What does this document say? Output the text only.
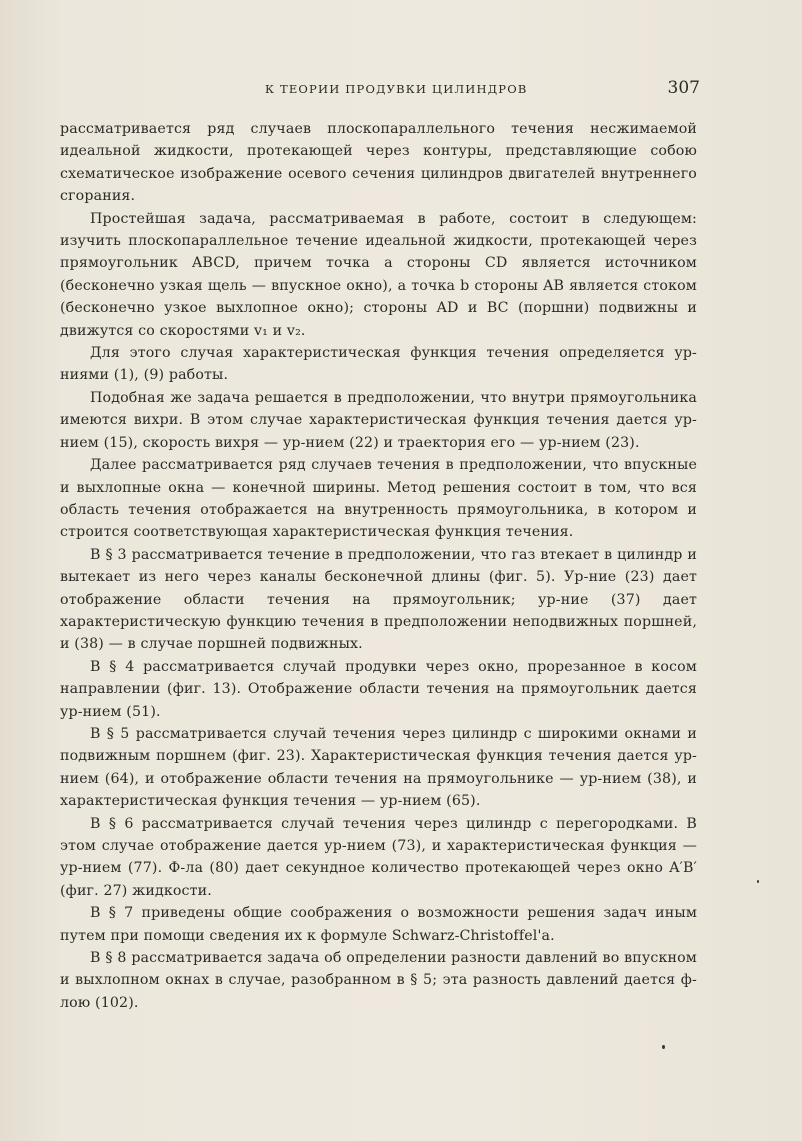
К ТЕОРИИ ПРОДУВКИ ЦИЛИНДРОВ	307

рассматривается ряд случаев плоскопараллельного течения несжимаемой идеальной жидкости, протекающей через контуры, представляющие собою схематическое изображение осевого сечения цилиндров двигателей внутреннего сгорания.

Простейшая задача, рассматриваемая в работе, состоит в следующем: изучить плоскопараллельное течение идеальной жидкости, протекающей через прямоугольник ABCD, причем точка a стороны CD является источником (бесконечно узкая щель — впускное окно), а точка b стороны AB является стоком (бесконечно узкое выхлопное окно); стороны AD и BC (поршни) подвижны и движутся со скоростями v₁ и v₂.

Для этого случая характеристическая функция течения определяется ур-ниями (1), (9) работы.

Подобная же задача решается в предположении, что внутри прямоугольника имеются вихри. В этом случае характеристическая функция течения дается ур-нием (15), скорость вихря — ур-нием (22) и траектория его — ур-нием (23).

Далее рассматривается ряд случаев течения в предположении, что впускные и выхлопные окна — конечной ширины. Метод решения состоит в том, что вся область течения отображается на внутренность прямоугольника, в котором и строится соответствующая характеристическая функция течения.

В § 3 рассматривается течение в предположении, что газ втекает в цилиндр и вытекает из него через каналы бесконечной длины (фиг. 5). Ур-ние (23) дает отображение области течения на прямоугольник; ур-ние (37) дает характеристическую функцию течения в предположении неподвижных поршней, и (38) — в случае поршней подвижных.

В § 4 рассматривается случай продувки через окно, прорезанное в косом направлении (фиг. 13). Отображение области течения на прямоугольник дается ур-нием (51).

В § 5 рассматривается случай течения через цилиндр с широкими окнами и подвижным поршнем (фиг. 23). Характеристическая функция течения дается ур-нием (64), и отображение области течения на прямоугольнике — ур-нием (38), и характеристическая функция течения — ур-нием (65).

В § 6 рассматривается случай течения через цилиндр с перегородками. В этом случае отображение дается ур-нием (73), и характеристическая функция — ур-нием (77). Ф-ла (80) дает секундное количество протекающей через окно A′B′ (фиг. 27) жидкости.

В § 7 приведены общие соображения о возможности решения задач иным путем при помощи сведения их к формуле Schwarz-Christoffel'a.

В § 8 рассматривается задача об определении разности давлений во впускном и выхлопном окнах в случае, разобранном в § 5; эта разность давлений дается ф-лою (102).
